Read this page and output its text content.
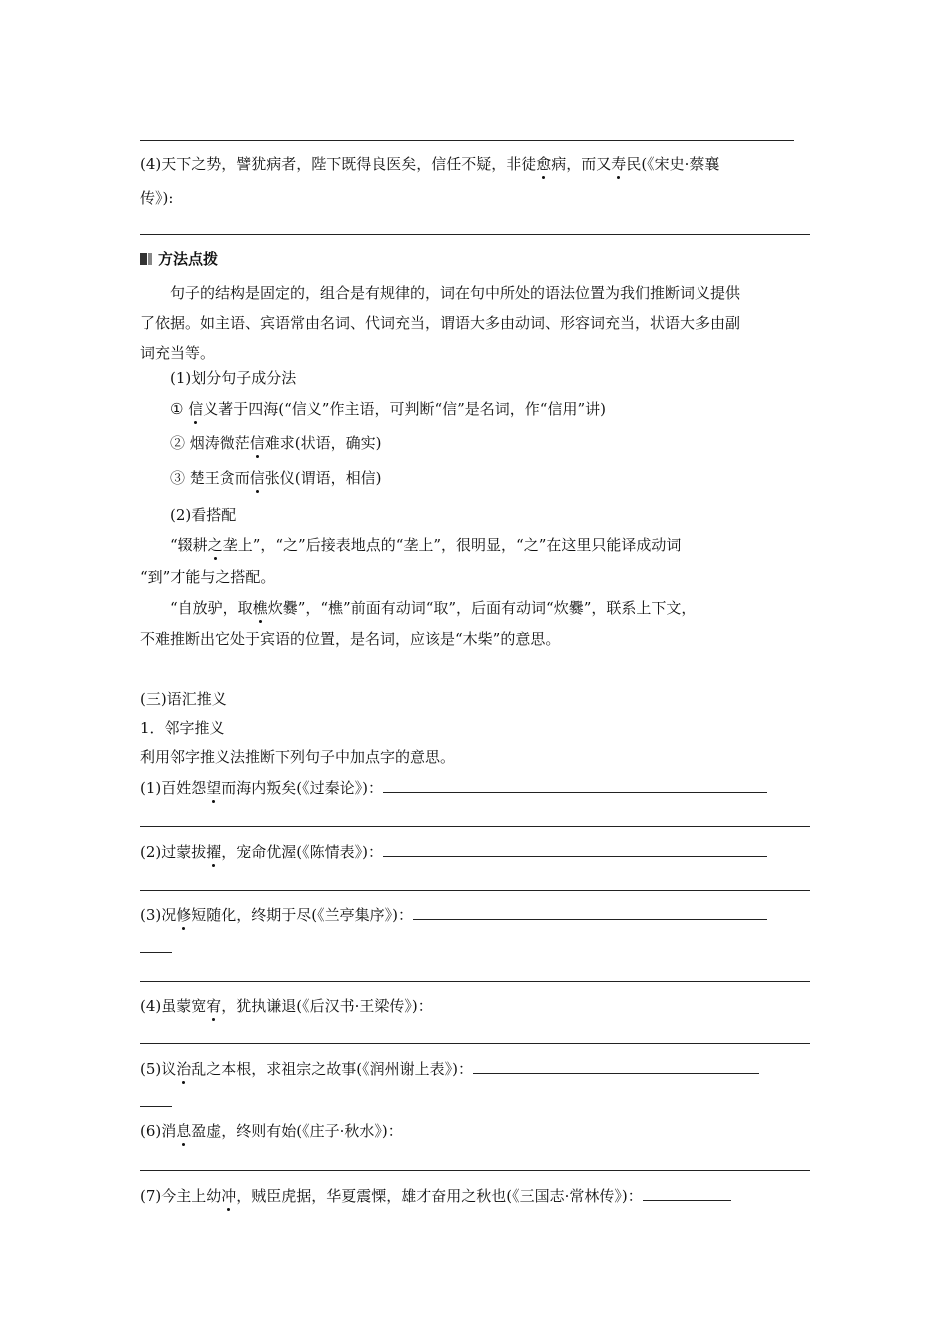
(4)天下之势，譬犹病者，陛下既得良医矣，信任不疑，非徒愈病，而又寿民(《宋史·蔡襄
传》):
方法点拨
句子的结构是固定的，组合是有规律的，词在句中所处的语法位置为我们推断词义提供
了依据。如主语、宾语常由名词、代词充当，谓语大多由动词、形容词充当，状语大多由副
词充当等。
(1)划分句子成分法
① 信义著于四海(“信义”作主语，可判断“信”是名词，作“信用”讲)
② 烟涛微茫信难求(状语，确实)
③ 楚王贪而信张仪(谓语，相信)
(2)看搭配
“辍耕之垄上”，“之”后接表地点的“垄上”，很明显，“之”在这里只能译成动词
“到”才能与之搭配。
“自放驴，取樵炊爨”，“樵”前面有动词“取”，后面有动词“炊爨”，联系上下文，
不难推断出它处于宾语的位置，是名词，应该是“木柴”的意思。
(三)语汇推义
1．邻字推义
利用邻字推义法推断下列句子中加点字的意思。
(1)百姓怨望而海内叛矣(《过秦论》)：
(2)过蒙拔擢，宠命优渥(《陈情表》)：
(3)况修短随化，终期于尽(《兰亭集序》)：
(4)虽蒙宽宥，犹执谦退(《后汉书·王梁传》)：
(5)议治乱之本根，求祖宗之故事(《润州谢上表》)：
(6)消息盈虚，终则有始(《庄子·秋水》)：
(7)今主上幼冲，贼臣虎据，华夏震慄，雄才奋用之秋也(《三国志·常林传》)：
